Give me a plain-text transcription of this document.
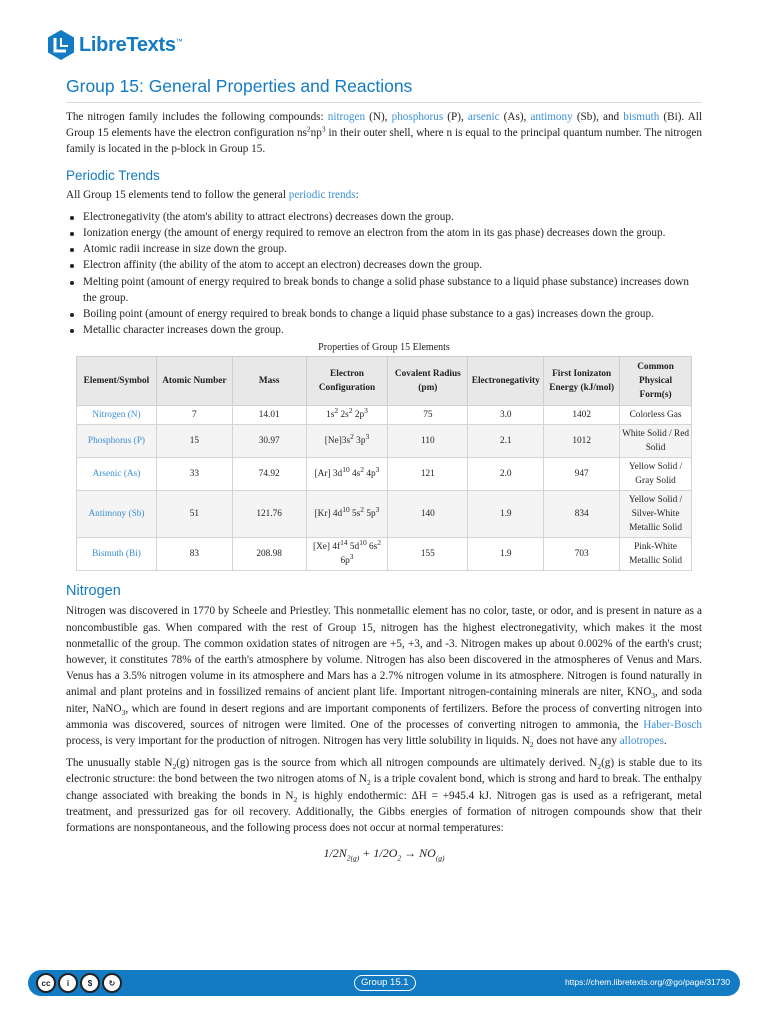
LibreTexts™
Group 15: General Properties and Reactions

The nitrogen family includes the following compounds: nitrogen (N), phosphorus (P), arsenic (As), antimony (Sb), and bismuth (Bi). All Group 15 elements have the electron configuration $ns^2np^3$ in their outer shell, where n is equal to the principal quantum number. The nitrogen family is located in the p-block in Group 15.

Periodic Trends

All Group 15 elements tend to follow the general periodic trends:

Electronegativity (the atom's ability to attract electrons) decreases down the group.
Ionization energy (the amount of energy required to remove an electron from the atom in its gas phase) decreases down the group.
Atomic radii increase in size down the group.
Electron affinity (the ability of the atom to accept an electron) decreases down the group.
Melting point (amount of energy required to break bonds to change a solid phase substance to a liquid phase substance) increases down the group.
Boiling point (amount of energy required to break bonds to change a liquid phase substance to a gas) increases down the group.
Metallic character increases down the group.
Properties of Group 15 Elements
Element/Symbol	Atomic Number	Mass	Electron Configuration	Covalent Radius (pm)	Electronegativity	First Ionizaton Energy (kJ/mol)	Common Physical Form(s)
Nitrogen (N)	7	14.01	$1s^2$ $2s^2$ $2p^3$	75	3.0	1402	Colorless Gas
Phosphorus (P)	15	30.97	$[Ne]3s^2$ $3p^3$	110	2.1	1012	White Solid / Red Solid
Arsenic (As)	33	74.92	[Ar] $3d^{10}$ $4s^2$ $4p^3$	121	2.0	947	Yellow Solid / Gray Solid
Antimony (Sb)	51	121.76	[Kr] $4d^{10}$ $5s^2$ $5p^3$	140	1.9	834	Yellow Solid / Silver-White Metallic Solid
Bismuth (Bi)	83	208.98	[Xe] $4f^{14}$ $5d^{10}$ $6s^2$ $6p^3$	155	1.9	703	Pink-White Metallic Solid
Nitrogen

Nitrogen was discovered in 1770 by Scheele and Priestley. This nonmetallic element has no color, taste, or odor, and is present in nature as a noncombustible gas. When compared with the rest of Group 15, nitrogen has the highest electronegativity, which makes it the most nonmetallic of the group. The common oxidation states of nitrogen are +5, +3, and -3. Nitrogen makes up about 0.002% of the earth's crust; however, it constitutes 78% of the earth's atmosphere by volume. Nitrogen has also been discovered in the atmospheres of Venus and Mars. Venus has a 3.5% nitrogen volume in its atmosphere and Mars has a 2.7% nitrogen volume in its atmosphere. Nitrogen is found naturally in animal and plant proteins and in fossilized remains of ancient plant life. Important nitrogen-containing minerals are niter, $KNO_3$, and soda niter, NaNO$_3$, which are found in desert regions and are important components of fertilizers. Before the process of converting nitrogen into ammonia was discovered, sources of nitrogen were limited. One of the processes of converting nitrogen to ammonia, the Haber-Bosch process, is very important for the production of nitrogen. Nitrogen has very little solubility in liquids. $N_2$ does not have any allotropes.

The unusually stable $N_2(g)$ nitrogen gas is the source from which all nitrogen compounds are ultimately derived. $N_2(g)$ is stable due to its electronic structure: the bond between the two nitrogen atoms of $N_2$ is a triple covalent bond, which is strong and hard to break. The enthalpy change associated with breaking the bonds in $N_2$ is highly endothermic: ΔH = +945.4 kJ. Nitrogen gas is used as a refrigerant, metal treatment, and pressurized gas for oil recovery. Additionally, the Gibbs energies of formation of nitrogen compounds show that their formations are nonspontaneous, and the following process does not occur at normal temperatures:

$1/2N_{2(g)} + 1/2O_2 \to NO_{(g)}$
cc	i	$	↻	Group 15.1	https://chem.libretexts.org/@go/page/31730
